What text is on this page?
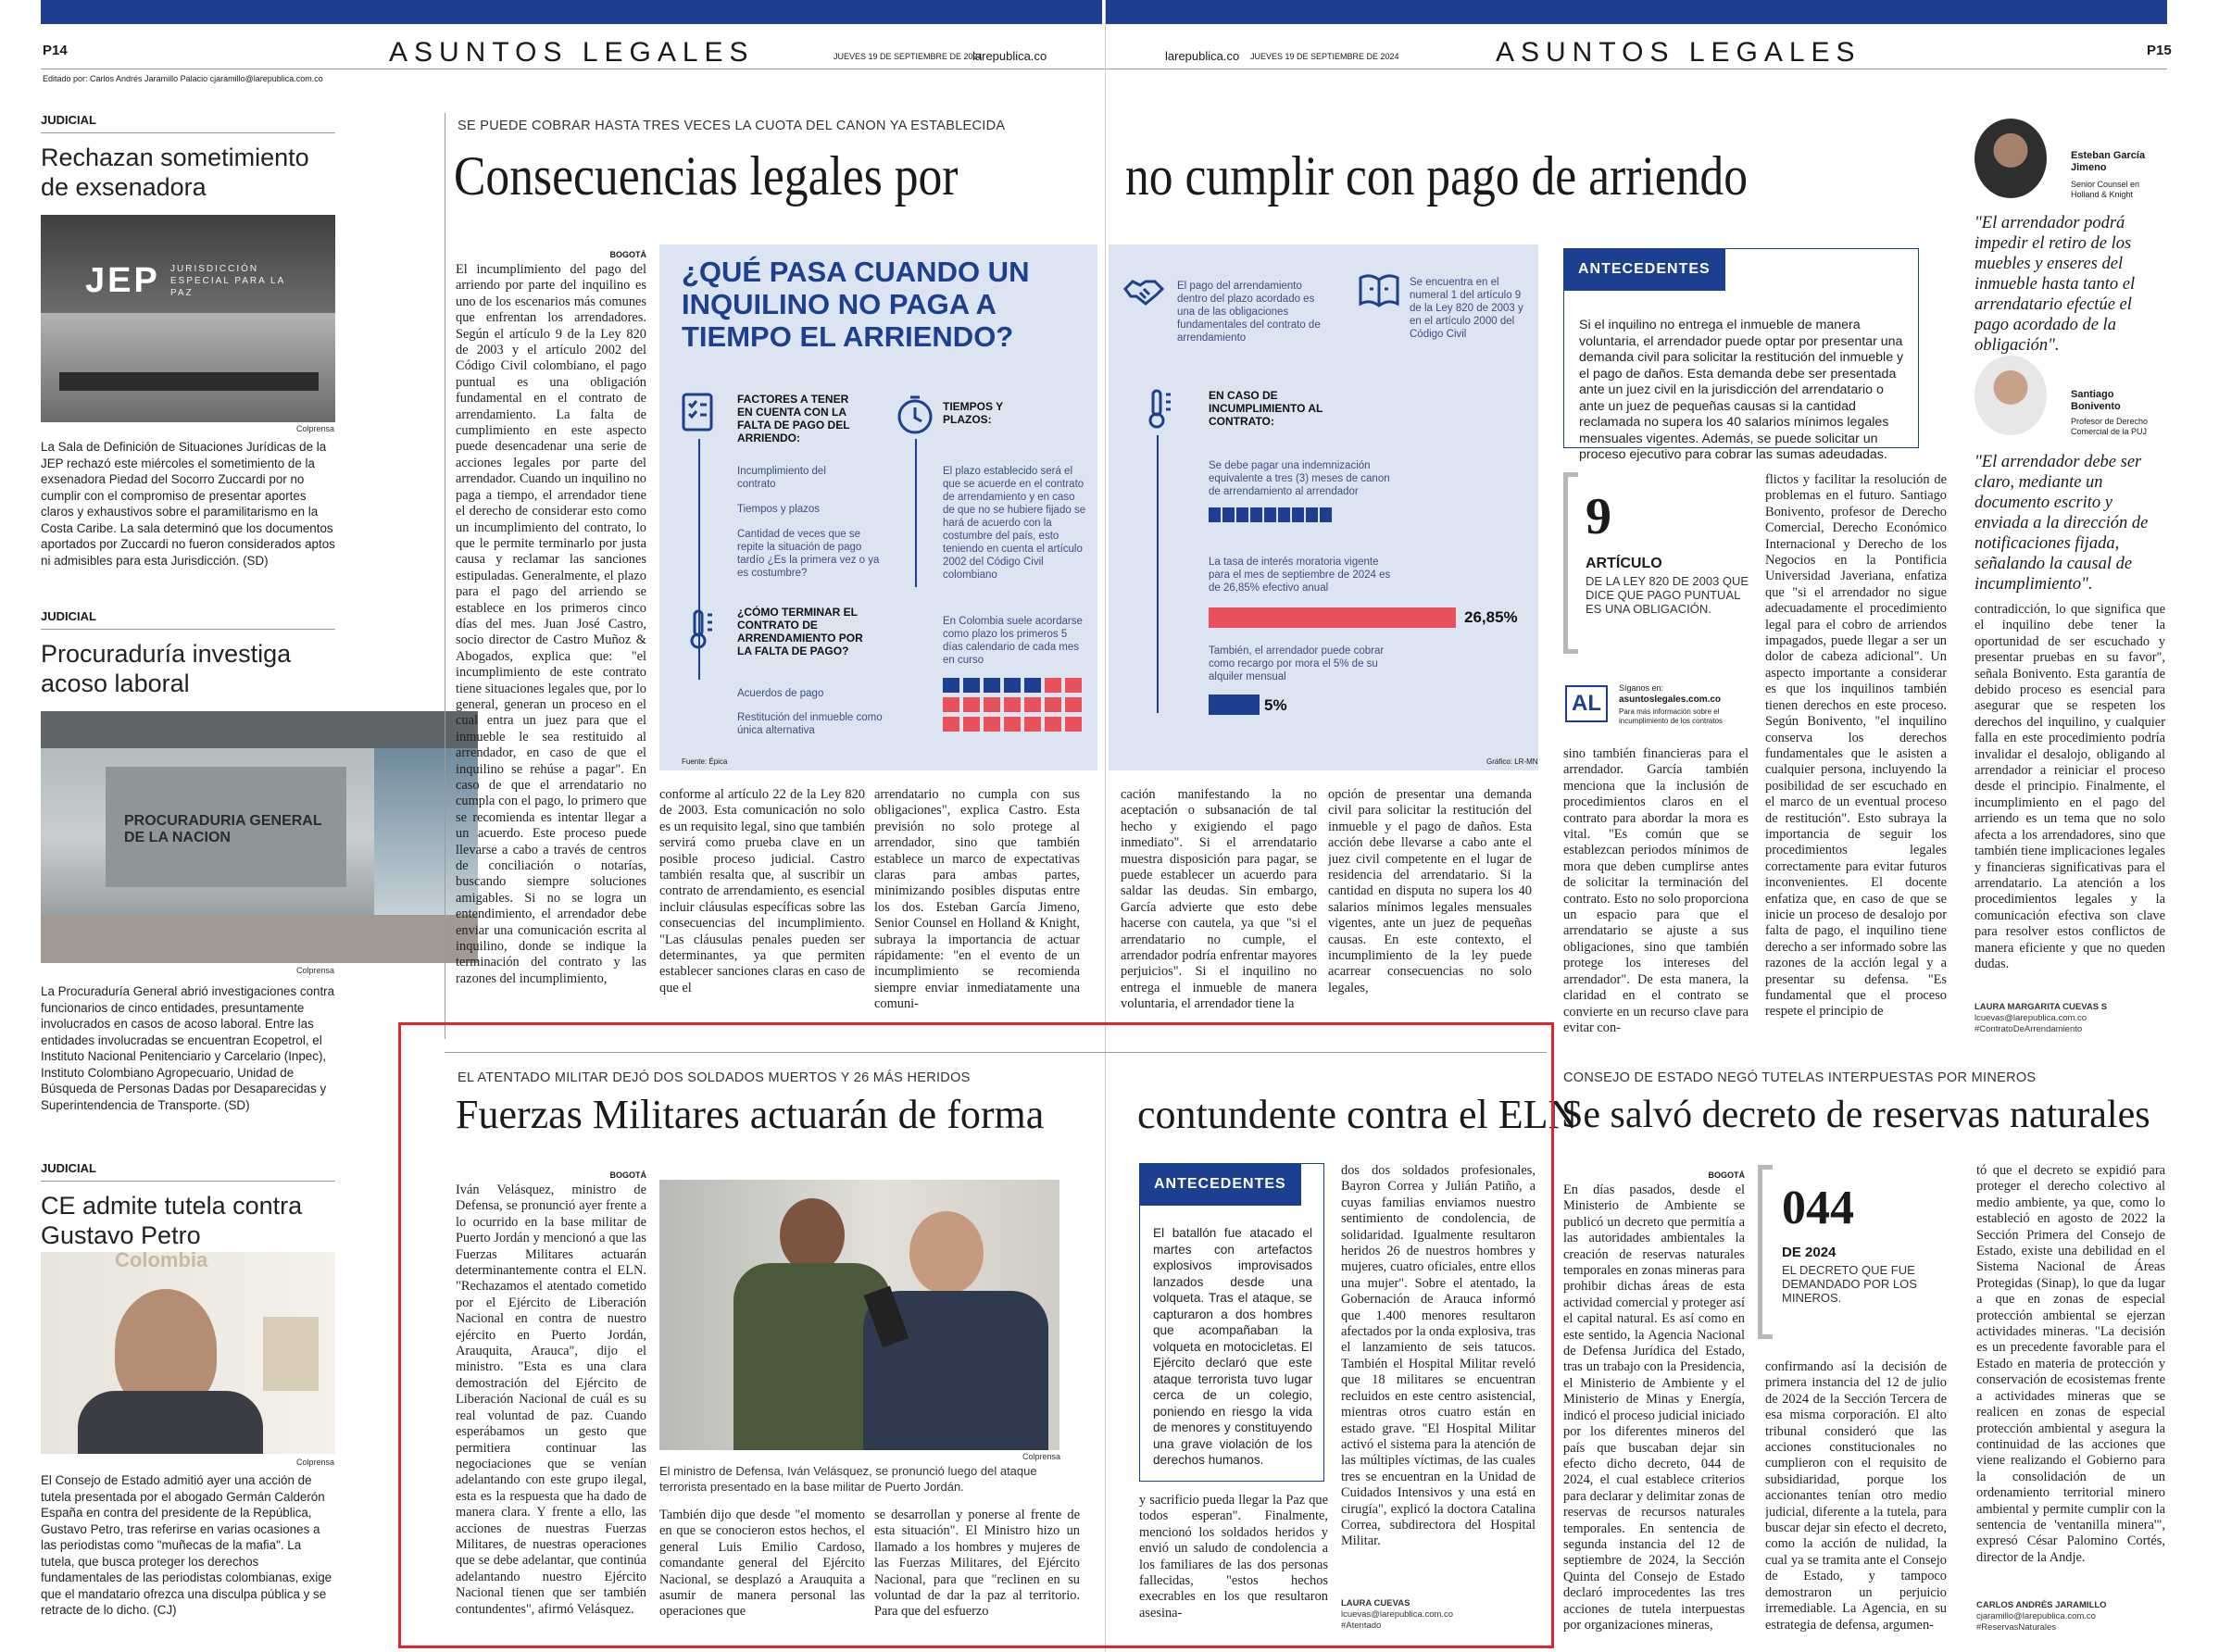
P14	ASUNTOS LEGALES	JUEVES 19 DE SEPTIEMBRE DE 2024
larepublica.co	larepublica.co JUEVES 19 DE SEPTIEMBRE DE 2024	ASUNTOS LEGALES	P15
Editado por: Carlos Andrés Jaramillo Palacio cjaramillo@larepublica.com.co
JUDICIAL
Rechazan sometimiento de exsenadora
JEP JURISDICCIÓN ESPECIAL PARA LA PAZ
Colprensa
La Sala de Definición de Situaciones Jurídicas de la JEP rechazó este miércoles el sometimiento de la exsenadora Piedad del Socorro Zuccardi por no cumplir con el compromiso de presentar aportes claros y exhaustivos sobre el paramilitarismo en la Costa Caribe. La sala determinó que los documentos aportados por Zuccardi no fueron considerados aptos ni admisibles para esta Jurisdicción. (SD)
JUDICIAL
Procuraduría investiga acoso laboral
PROCURADURIA GENERAL DE LA NACION
Colprensa
La Procuraduría General abrió investigaciones contra funcionarios de cinco entidades, presuntamente involucrados en casos de acoso laboral. Entre las entidades involucradas se encuentran Ecopetrol, el Instituto Nacional Penitenciario y Carcelario (Inpec), Instituto Colombiano Agropecuario, Unidad de Búsqueda de Personas Dadas por Desaparecidas y Superintendencia de Transporte. (SD)
JUDICIAL
CE admite tutela contra Gustavo Petro
Colombia
Colprensa
El Consejo de Estado admitió ayer una acción de tutela presentada por el abogado Germán Calderón España en contra del presidente de la República, Gustavo Petro, tras referirse en varias ocasiones a las periodistas como "muñecas de la mafia". La tutela, que busca proteger los derechos fundamentales de las periodistas colombianas, exige que el mandatario ofrezca una disculpa pública y se retracte de lo dicho. (CJ)
SE PUEDE COBRAR HASTA TRES VECES LA CUOTA DEL CANON YA ESTABLECIDA
Consecuencias legales por	no cumplir con pago de arriendo
BOGOTÁ
El incumplimiento del pago del arriendo por parte del inquilino es uno de los escenarios más comunes que enfrentan los arrendadores. Según el artículo 9 de la Ley 820 de 2003 y el artículo 2002 del Código Civil colombiano, el pago puntual es una obligación fundamental en el contrato de arrendamiento. La falta de cumplimiento en este aspecto puede desencadenar una serie de acciones legales por parte del arrendador. Cuando un inquilino no paga a tiempo, el arrendador tiene el derecho de considerar esto como un incumplimiento del contrato, lo que le permite terminarlo por justa causa y reclamar las sanciones estipuladas. Generalmente, el plazo para el pago del arriendo se establece en los primeros cinco días del mes. Juan José Castro, socio director de Castro Muñoz & Abogados, explica que: "el incumplimiento de este contrato tiene situaciones legales que, por lo general, generan un proceso en el cual entra un juez para que el inmueble le sea restituido al arrendador, en caso de que el inquilino se rehúse a pagar". En caso de que el arrendatario no cumpla con el pago, lo primero que se recomienda es intentar llegar a un acuerdo. Este proceso puede llevarse a cabo a través de centros de conciliación o notarías, buscando siempre soluciones amigables. Si no se logra un entendimiento, el arrendador debe enviar una comunicación escrita al inquilino, donde se indique la terminación del contrato y las razones del incumplimiento,
¿QUÉ PASA CUANDO UN INQUILINO NO PAGA A TIEMPO EL ARRIENDO?
FACTORES A TENER EN CUENTA CON LA FALTA DE PAGO DEL ARRIENDO:
Incumplimiento del contrato
Tiempos y plazos
Cantidad de veces que se repite la situación de pago tardío ¿Es la primera vez o ya es costumbre?
¿CÓMO TERMINAR EL CONTRATO DE ARRENDAMIENTO POR LA FALTA DE PAGO?
Acuerdos de pago
Restitución del inmueble como única alternativa
TIEMPOS Y PLAZOS:
El plazo establecido será el que se acuerde en el contrato de arrendamiento y en caso de que no se hubiere fijado se hará de acuerdo con la costumbre del país, esto teniendo en cuenta el artículo 2002 del Código Civil colombiano
En Colombia suele acordarse como plazo los primeros 5 días calendario de cada mes en curso
Fuente: Épica
El pago del arrendamiento dentro del plazo acordado es una de las obligaciones fundamentales del contrato de arrendamiento
Se encuentra en el numeral 1 del artículo 9 de la Ley 820 de 2003 y en el artículo 2000 del Código Civil
EN CASO DE INCUMPLIMIENTO AL CONTRATO:
Se debe pagar una indemnización equivalente a tres (3) meses de canon de arrendamiento al arrendador
La tasa de interés moratoria vigente para el mes de septiembre de 2024 es de 26,85% efectivo anual
26,85%
También, el arrendador puede cobrar como recargo por mora el 5% de su alquiler mensual
5%
Gráfico: LR-MN
conforme al artículo 22 de la Ley 820 de 2003. Esta comunicación no solo es un requisito legal, sino que también servirá como prueba clave en un posible proceso judicial. Castro también resalta que, al suscribir un contrato de arrendamiento, es esencial incluir cláusulas específicas sobre las consecuencias del incumplimiento. "Las cláusulas penales pueden ser determinantes, ya que permiten establecer sanciones claras en caso de que el
arrendatario no cumpla con sus obligaciones", explica Castro. Esta previsión no solo protege al arrendador, sino que también establece un marco de expectativas claras para ambas partes, minimizando posibles disputas entre los dos. Esteban García Jimeno, Senior Counsel en Holland & Knight, subraya la importancia de actuar rápidamente: "en el evento de un incumplimiento se recomienda siempre enviar inmediatamente una comuni-
cación manifestando la no aceptación o subsanación de tal hecho y exigiendo el pago inmediato". Si el arrendatario muestra disposición para pagar, se puede establecer un acuerdo para saldar las deudas. Sin embargo, García advierte que esto debe hacerse con cautela, ya que "si el arrendatario no cumple, el arrendador podría enfrentar mayores perjuicios". Si el inquilino no entrega el inmueble de manera voluntaria, el arrendador tiene la
opción de presentar una demanda civil para solicitar la restitución del inmueble y el pago de daños. Esta acción debe llevarse a cabo ante el juez civil competente en el lugar de residencia del arrendatario. Si la cantidad en disputa no supera los 40 salarios mínimos legales mensuales vigentes, ante un juez de pequeñas causas. En este contexto, el incumplimiento de la ley puede acarrear consecuencias no solo legales,
ANTECEDENTES
Si el inquilino no entrega el inmueble de manera voluntaria, el arrendador puede optar por presentar una demanda civil para solicitar la restitución del inmueble y el pago de daños. Esta demanda debe ser presentada ante un juez civil en la jurisdicción del arrendatario o ante un juez de pequeñas causas si la cantidad reclamada no supera los 40 salarios mínimos legales mensuales vigentes. Además, se puede solicitar un proceso ejecutivo para cobrar las sumas adeudadas.
9
ARTÍCULO
DE LA LEY 820 DE 2003 QUE DICE QUE PAGO PUNTUAL ES UNA OBLIGACIÓN.
AL
Síganos en:
asuntoslegales.com.co
Para más información sobre el incumplimiento de los contratos
sino también financieras para el arrendador. García también menciona que la inclusión de procedimientos claros en el contrato para abordar la mora es vital. "Es común que se establezcan periodos mínimos de mora que deben cumplirse antes de solicitar la terminación del contrato. Esto no solo proporciona un espacio para que el arrendatario se ajuste a sus obligaciones, sino que también protege los intereses del arrendador". De esta manera, la claridad en el contrato se convierte en un recurso clave para evitar con-
flictos y facilitar la resolución de problemas en el futuro. Santiago Bonivento, profesor de Derecho Comercial, Derecho Económico Internacional y Derecho de los Negocios en la Pontificia Universidad Javeriana, enfatiza que "si el arrendador no sigue adecuadamente el procedimiento legal para el cobro de arriendos impagados, puede llegar a ser un dolor de cabeza adicional". Un aspecto importante a considerar es que los inquilinos también tienen derechos en este proceso. Según Bonivento, "el inquilino conserva los derechos fundamentales que le asisten a cualquier persona, incluyendo la posibilidad de ser escuchado en el marco de un eventual proceso de restitución". Esto subraya la importancia de seguir los procedimientos legales correctamente para evitar futuros inconvenientes. El docente enfatiza que, en caso de que se inicie un proceso de desalojo por falta de pago, el inquilino tiene derecho a ser informado sobre las razones de la acción legal y a presentar su defensa. "Es fundamental que el proceso respete el principio de
Esteban García Jimeno
Senior Counsel en Holland & Knight
"El arrendador podrá impedir el retiro de los muebles y enseres del inmueble hasta tanto el arrendatario efectúe el pago acordado de la obligación".
Santiago Bonivento
Profesor de Derecho Comercial de la PUJ
"El arrendador debe ser claro, mediante un documento escrito y enviada a la dirección de notificaciones fijada, señalando la causal de incumplimiento".
contradicción, lo que significa que el inquilino debe tener la oportunidad de ser escuchado y presentar pruebas en su favor", señala Bonivento. Esta garantía de debido proceso es esencial para asegurar que se respeten los derechos del inquilino, y cualquier falla en este procedimiento podría invalidar el desalojo, obligando al arrendador a reiniciar el proceso desde el principio. Finalmente, el incumplimiento en el pago del arriendo es un tema que no solo afecta a los arrendadores, sino que también tiene implicaciones legales y financieras significativas para el arrendatario. La atención a los procedimientos legales y la comunicación efectiva son clave para resolver estos conflictos de manera eficiente y que no queden dudas.
LAURA MARGARITA CUEVAS S
lcuevas@larepublica.com.co
#ContratoDeArrendamiento
EL ATENTADO MILITAR DEJÓ DOS SOLDADOS MUERTOS Y 26 MÁS HERIDOS
Fuerzas Militares actuarán de forma contundente contra el ELN
BOGOTÁ
Iván Velásquez, ministro de Defensa, se pronunció ayer frente a lo ocurrido en la base militar de Puerto Jordán y mencionó a que las Fuerzas Militares actuarán determinantemente contra el ELN. "Rechazamos el atentado cometido por el Ejército de Liberación Nacional en contra de nuestro ejército en Puerto Jordán, Arauquita, Arauca", dijo el ministro. "Esta es una clara demostración del Ejército de Liberación Nacional de cuál es su real voluntad de paz. Cuando esperábamos un gesto que permitiera continuar las negociaciones que se venían adelantando con este grupo ilegal, esta es la respuesta que ha dado de manera clara. Y frente a ello, las acciones de nuestras Fuerzas Militares, de nuestras operaciones que se debe adelantar, que continúa adelantando nuestro Ejército Nacional tienen que ser también contundentes", afirmó Velásquez.
Colprensa
El ministro de Defensa, Iván Velásquez, se pronunció luego del ataque terrorista presentado en la base militar de Puerto Jordán.
También dijo que desde "el momento en que se conocieron estos hechos, el general Luis Emilio Cardoso, comandante general del Ejército Nacional, se desplazó a Arauquita a asumir de manera personal las operaciones que
se desarrollan y ponerse al frente de esta situación". El Ministro hizo un llamado a los hombres y mujeres de las Fuerzas Militares, del Ejército Nacional, para que "reclinen en su voluntad de dar la paz al territorio. Para que del esfuerzo
ANTECEDENTES
El batallón fue atacado el martes con artefactos explosivos improvisados lanzados desde una volqueta. Tras el ataque, se capturaron a dos hombres que acompañaban la volqueta en motocicletas. El Ejército declaró que este ataque terrorista tuvo lugar cerca de un colegio, poniendo en riesgo la vida de menores y constituyendo una grave violación de los derechos humanos.
y sacrificio pueda llegar la Paz que todos esperan". Finalmente, mencionó los soldados heridos y envió un saludo de condolencia a los familiares de las dos personas fallecidas, "estos hechos execrables en los que resultaron asesina-
dos dos soldados profesionales, Bayron Correa y Julián Patiño, a cuyas familias enviamos nuestro sentimiento de condolencia, de solidaridad. Igualmente resultaron heridos 26 de nuestros hombres y mujeres, cuatro oficiales, entre ellos una mujer". Sobre el atentado, la Gobernación de Arauca informó que 1.400 menores resultaron afectados por la onda explosiva, tras el lanzamiento de seis tatucos. También el Hospital Militar reveló que 18 militares se encuentran recluidos en este centro asistencial, mientras otros cuatro están en estado grave. "El Hospital Militar activó el sistema para la atención de las múltiples víctimas, de las cuales tres se encuentran en la Unidad de Cuidados Intensivos y una está en cirugía", explicó la doctora Catalina Correa, subdirectora del Hospital Militar.
LAURA CUEVAS
lcuevas@larepublica.com.co
#Atentado
CONSEJO DE ESTADO NEGÓ TUTELAS INTERPUESTAS POR MINEROS
Se salvó decreto de reservas naturales
BOGOTÁ
En días pasados, desde el Ministerio de Ambiente se publicó un decreto que permitía a las autoridades ambientales la creación de reservas naturales temporales en zonas mineras para prohibir dichas áreas de esta actividad comercial y proteger así el capital natural. Es así como en este sentido, la Agencia Nacional de Defensa Jurídica del Estado, tras un trabajo con la Presidencia, el Ministerio de Ambiente y el Ministerio de Minas y Energía, indicó el proceso judicial iniciado por los diferentes mineros del país que buscaban dejar sin efecto dicho decreto, 044 de 2024, el cual establece criterios para declarar y delimitar zonas de reservas de recursos naturales temporales. En sentencia de segunda instancia del 12 de septiembre de 2024, la Sección Quinta del Consejo de Estado declaró improcedentes las tres acciones de tutela interpuestas por organizaciones mineras,
044
DE 2024
EL DECRETO QUE FUE DEMANDADO POR LOS MINEROS.
confirmando así la decisión de primera instancia del 12 de julio de 2024 de la Sección Tercera de esa misma corporación. El alto tribunal consideró que las acciones constitucionales no cumplieron con el requisito de subsidiaridad, porque los accionantes tenían otro medio judicial, diferente a la tutela, para buscar dejar sin efecto el decreto, como la acción de nulidad, la cual ya se tramita ante el Consejo de Estado, y tampoco demostraron un perjuicio irremediable. La Agencia, en su estrategia de defensa, argumen-
tó que el decreto se expidió para proteger el derecho colectivo al medio ambiente, ya que, como lo estableció en agosto de 2022 la Sección Primera del Consejo de Estado, existe una debilidad en el Sistema Nacional de Áreas Protegidas (Sinap), lo que da lugar a que en zonas de especial protección ambiental se ejerzan actividades mineras. "La decisión es un precedente favorable para el Estado en materia de protección y conservación de ecosistemas frente a actividades mineras que se realicen en zonas de especial protección ambiental y asegura la continuidad de las acciones que viene realizando el Gobierno para la consolidación de un ordenamiento territorial minero ambiental y permite cumplir con la sentencia de 'ventanilla minera'", expresó César Palomino Cortés, director de la Andje.
CARLOS ANDRÉS JARAMILLO
cjaramillo@larepublica.com.co
#ReservasNaturales
